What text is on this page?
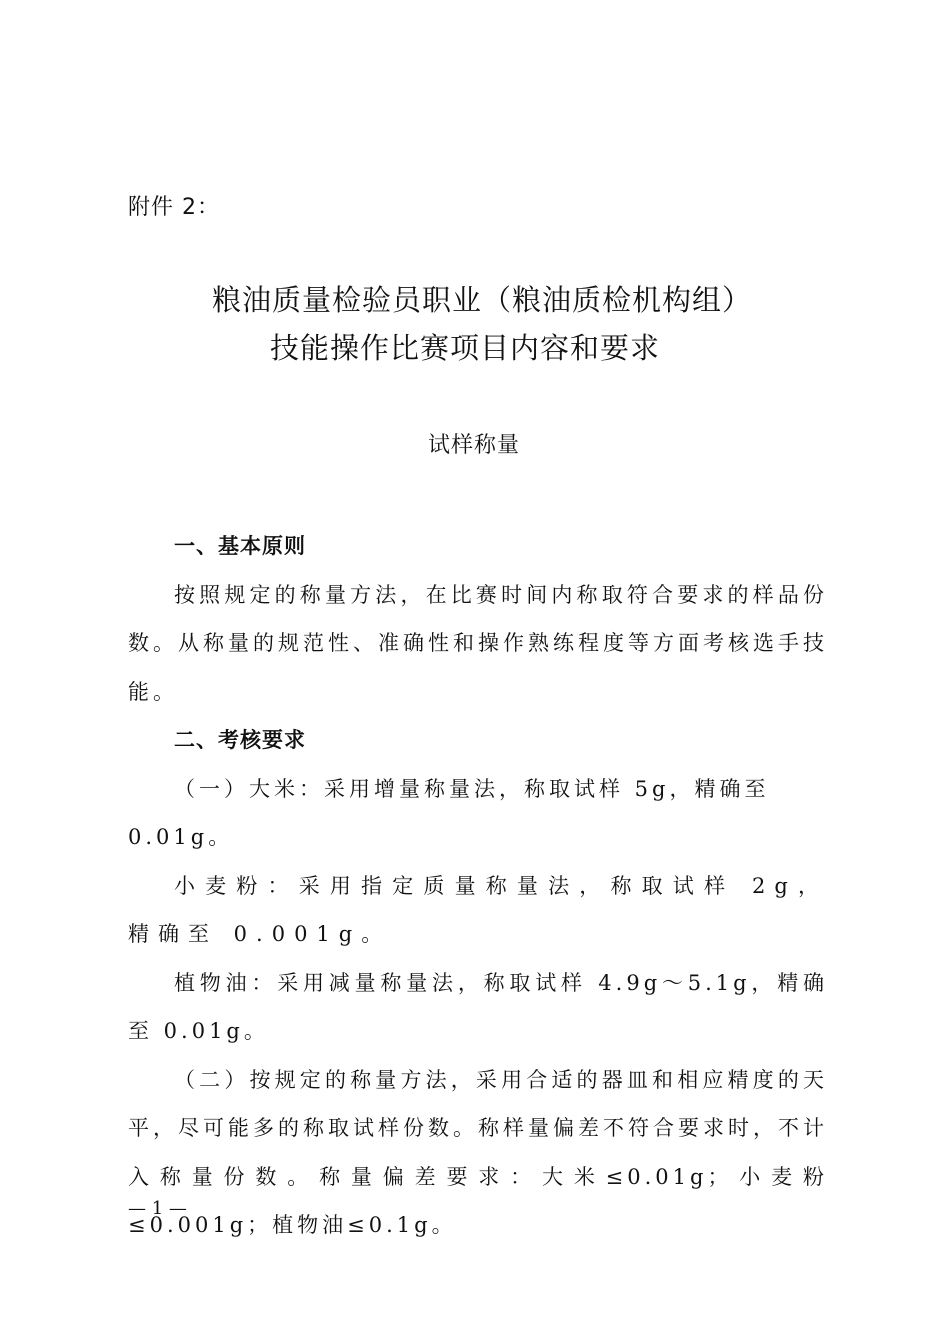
附件 2：
粮油质量检验员职业（粮油质检机构组）
技能操作比赛项目内容和要求
试样称量

一、基本原则

按照规定的称量方法，在比赛时间内称取符合要求的样品份数。从称量的规范性、准确性和操作熟练程度等方面考核选手技能。

二、考核要求

（一）大米：采用增量称量法，称取试样 5g，精确至 0.01g。

小麦粉：采用指定质量称量法，称取试样 2g，精确至 0.001g。

植物油：采用减量称量法，称取试样 4.9g～5.1g，精确至 0.01g。

（二）按规定的称量方法，采用合适的器皿和相应精度的天平，尽可能多的称取试样份数。称样量偏差不符合要求时，不计入称量份数。称量偏差要求：大米≤0.01g；小麦粉≤0.001g；植物油≤0.1g。

— 1 —
